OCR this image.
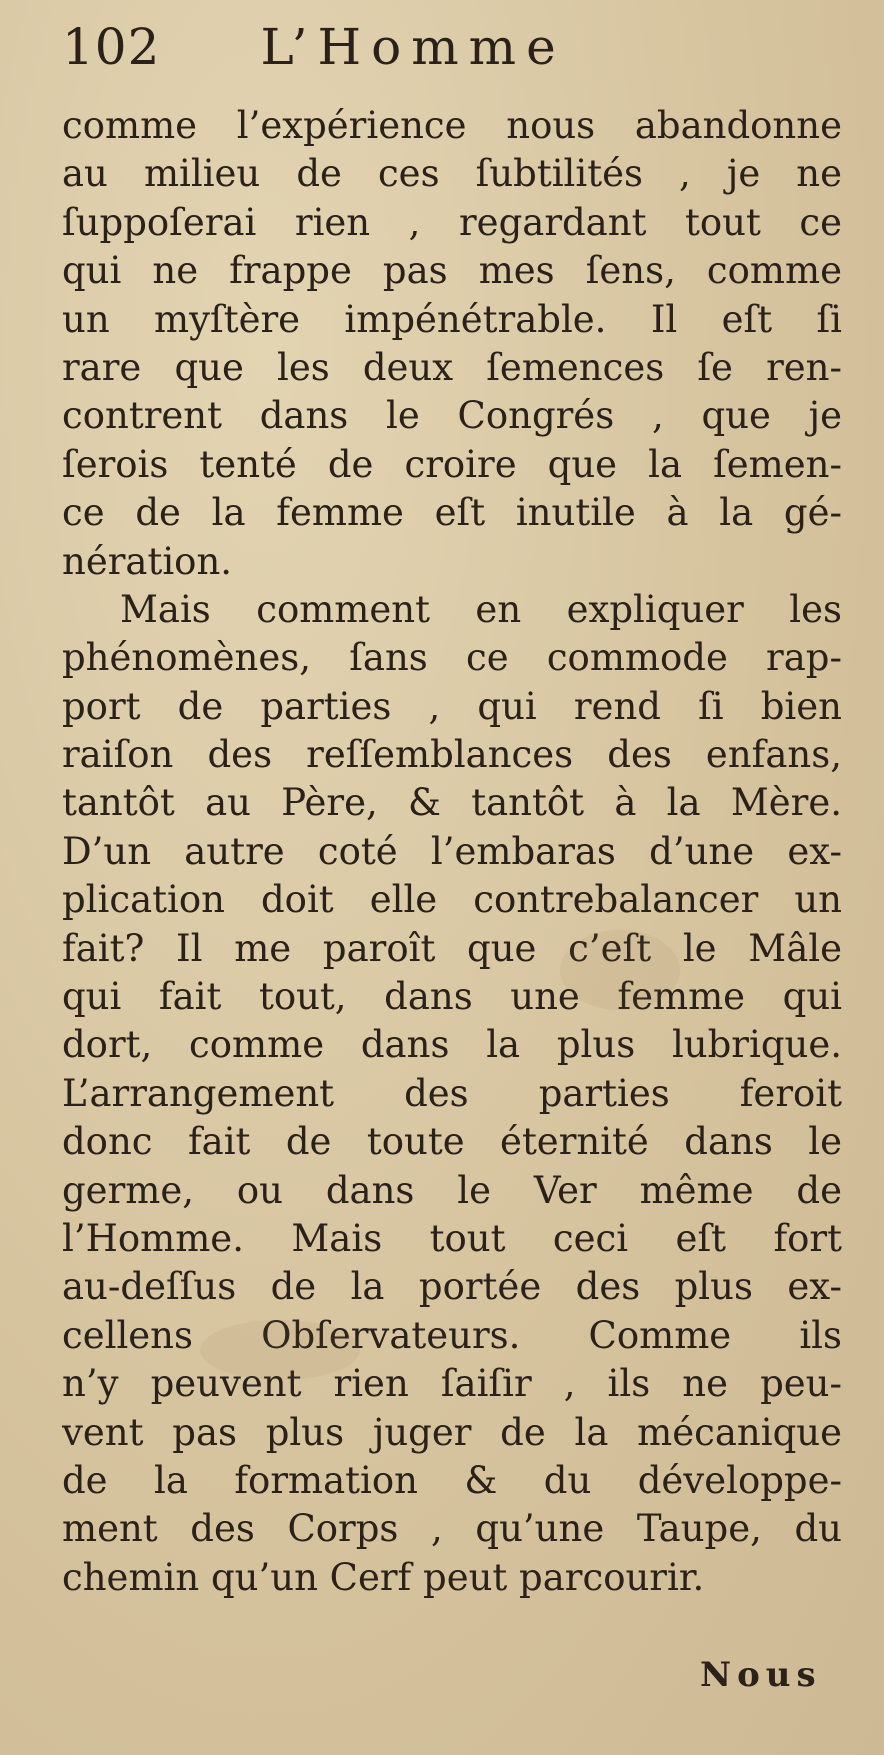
102 L’Homme
comme l’expérience nous abandonne
au milieu de ces ſubtilités , je ne
ſuppoſerai rien , regardant tout ce
qui ne frappe pas mes ſens, comme
un myſtère impénétrable. Il eſt ſi
rare que les deux ſemences ſe ren-
contrent dans le Congrés , que je
ſerois tenté de croire que la ſemen-
ce de la femme eſt inutile à la gé-
nération.
Mais comment en expliquer les
phénomènes, ſans ce commode rap-
port de parties , qui rend ſi bien
raiſon des reſſemblances des enfans,
tantôt au Père, & tantôt à la Mère.
D’un autre coté l’embaras d’une ex-
plication doit elle contrebalancer un
fait? Il me paroît que c’eſt le Mâle
qui fait tout, dans une femme qui
dort, comme dans la plus lubrique.
L’arrangement des parties feroit
donc fait de toute éternité dans le
germe, ou dans le Ver même de
l’Homme. Mais tout ceci eſt fort
au-deſſus de la portée des plus ex-
cellens Obſervateurs. Comme ils
n’y peuvent rien ſaiſir , ils ne peu-
vent pas plus juger de la mécanique
de la formation & du développe-
ment des Corps , qu’une Taupe, du
chemin qu’un Cerf peut parcourir.
Nous
